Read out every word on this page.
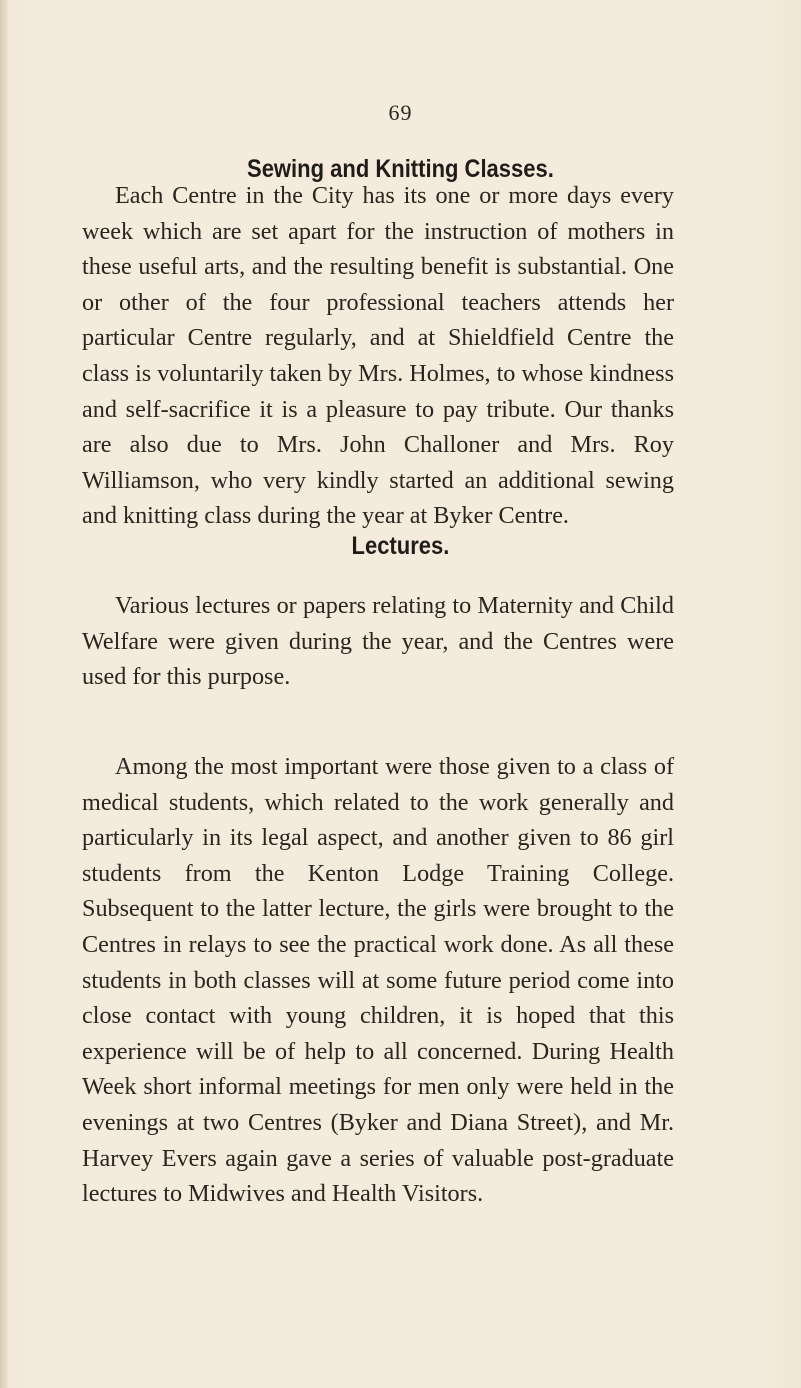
69
Sewing and Knitting Classes.

Each Centre in the City has its one or more days every week which are set apart for the instruction of mothers in these useful arts, and the resulting benefit is substantial. One or other of the four professional teachers attends her particular Centre regularly, and at Shieldfield Centre the class is voluntarily taken by Mrs. Holmes, to whose kindness and self-sacrifice it is a pleasure to pay tribute. Our thanks are also due to Mrs. John Challoner and Mrs. Roy Williamson, who very kindly started an additional sewing and knitting class during the year at Byker Centre.

Lectures.

Various lectures or papers relating to Maternity and Child Welfare were given during the year, and the Centres were used for this purpose.

Among the most important were those given to a class of medical students, which related to the work generally and particularly in its legal aspect, and another given to 86 girl students from the Kenton Lodge Training College. Subsequent to the latter lecture, the girls were brought to the Centres in relays to see the practical work done. As all these students in both classes will at some future period come into close contact with young children, it is hoped that this experience will be of help to all concerned. During Health Week short informal meetings for men only were held in the evenings at two Centres (Byker and Diana Street), and Mr. Harvey Evers again gave a series of valuable post-graduate lectures to Midwives and Health Visitors.
